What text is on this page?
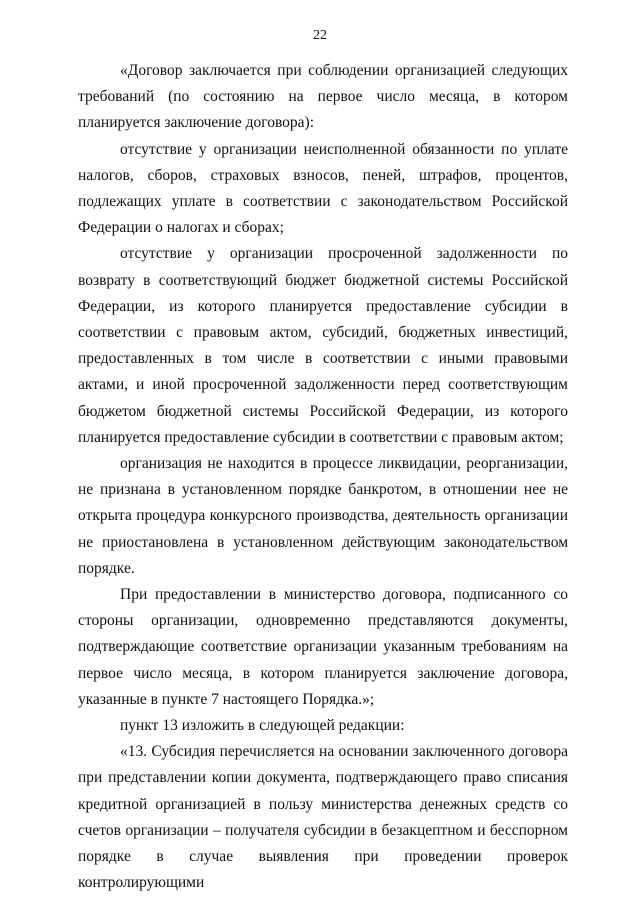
22

«Договор заключается при соблюдении организацией следующих требований (по состоянию на первое число месяца, в котором планируется заключение договора):

отсутствие у организации неисполненной обязанности по уплате налогов, сборов, страховых взносов, пеней, штрафов, процентов, подлежащих уплате в соответствии с законодательством Российской Федерации о налогах и сборах;

отсутствие у организации просроченной задолженности по возврату в соответствующий бюджет бюджетной системы Российской Федерации, из которого планируется предоставление субсидии в соответствии с правовым актом, субсидий, бюджетных инвестиций, предоставленных в том числе в соответствии с иными правовыми актами, и иной просроченной задолженности перед соответствующим бюджетом бюджетной системы Российской Федерации, из которого планируется предоставление субсидии в соответствии с правовым актом;

организация не находится в процессе ликвидации, реорганизации, не признана в установленном порядке банкротом, в отношении нее не открыта процедура конкурсного производства, деятельность организации не приостановлена в установленном действующим законодательством порядке.

При предоставлении в министерство договора, подписанного со стороны организации, одновременно представляются документы, подтверждающие соответствие организации указанным требованиям на первое число месяца, в котором планируется заключение договора, указанные в пункте 7 настоящего Порядка.»;

пункт 13 изложить в следующей редакции:

«13. Субсидия перечисляется на основании заключенного договора при представлении копии документа, подтверждающего право списания кредитной организацией в пользу министерства денежных средств со счетов организации – получателя субсидии в безакцептном и бесспорном порядке в случае выявления при проведении проверок контролирующими
